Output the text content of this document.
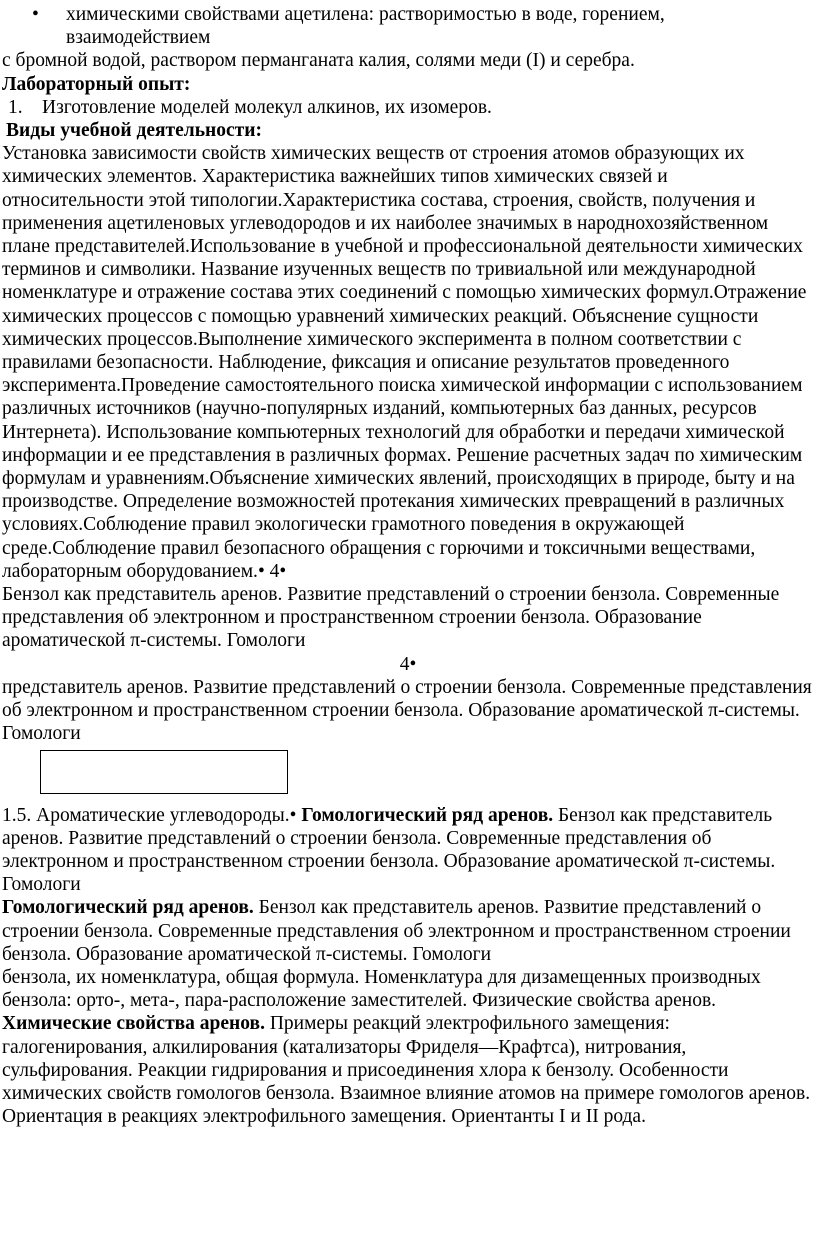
•	химическими свойствами ацетилена: растворимостью в воде, горением,
взаимодействием

с бромной водой, раствором перманганата калия, солями меди (I) и серебра.

Лабораторный опыт:

1. Изготовление моделей молекул алкинов, их изомеров.

Виды учебной деятельности:

Установка зависимости свойств химических веществ от строения атомов образующих их химических элементов. Характеристика важнейших типов химических связей и относительности этой типологии.Характеристика состава, строения, свойств, получения и применения ацетиленовых углеводородов и их наиболее значимых в народнохозяйственном плане представителей.Использование в учебной и профессиональной деятельности химических терминов и символики. Название изученных веществ по тривиальной или международной номенклатуре и отражение состава этих соединений с помощью химических формул.Отражение химических процессов с помощью уравнений химических реакций. Объяснение сущности химических процессов.Выполнение химического эксперимента в полном соответствии с правилами безопасности. Наблюдение, фиксация и описание результатов проведенного эксперимента.Проведение самостоятельного поиска химической информации с использованием различных источников (научно-популярных изданий, компьютерных баз данных, ресурсов Интернета). Использование компьютерных технологий для обработки и передачи химической информации и ее представления в различных формах. Решение расчетных задач по химическим формулам и уравнениям.Объяснение химических явлений, происходящих в природе, быту и на производстве. Определение возможностей протекания химических превращений в различных условиях.Соблюдение правил экологически грамотного поведения в окружающей среде.Соблюдение правил безопасного обращения с горючими и токсичными веществами, лабораторным оборудованием.• 4•

Бензол как представитель аренов. Развитие представлений о строении бензола. Современные представления об электронном и пространственном строении бензола. Образование ароматической π-системы. Гомологи

4•

представитель аренов. Развитие представлений о строении бензола. Современные представления об электронном и пространственном строении бензола. Образование ароматической π-системы. Гомологи

1.5. Ароматические углеводороды.• Гомологический ряд аренов. Бензол как представитель аренов. Развитие представлений о строении бензола. Современные представления об электронном и пространственном строении бензола. Образование ароматической π-системы. Гомологи

Гомологический ряд аренов. Бензол как представитель аренов. Развитие представлений о строении бензола. Современные представления об электронном и пространственном строении бензола. Образование ароматической π-системы. Гомологи

бензола, их номенклатура, общая формула. Номенклатура для дизамещенных производных бензола: орто-, мета-, пара-расположение заместителей. Физические свойства аренов.

Химические свойства аренов. Примеры реакций электрофильного замещения: галогенирования, алкилирования (катализаторы Фриделя—Крафтса), нитрования, сульфирования. Реакции гидрирования и присоединения хлора к бензолу. Особенности химических свойств гомологов бензола. Взаимное влияние атомов на примере гомологов аренов. Ориентация в реакциях электрофильного замещения. Ориентанты I и II рода.
